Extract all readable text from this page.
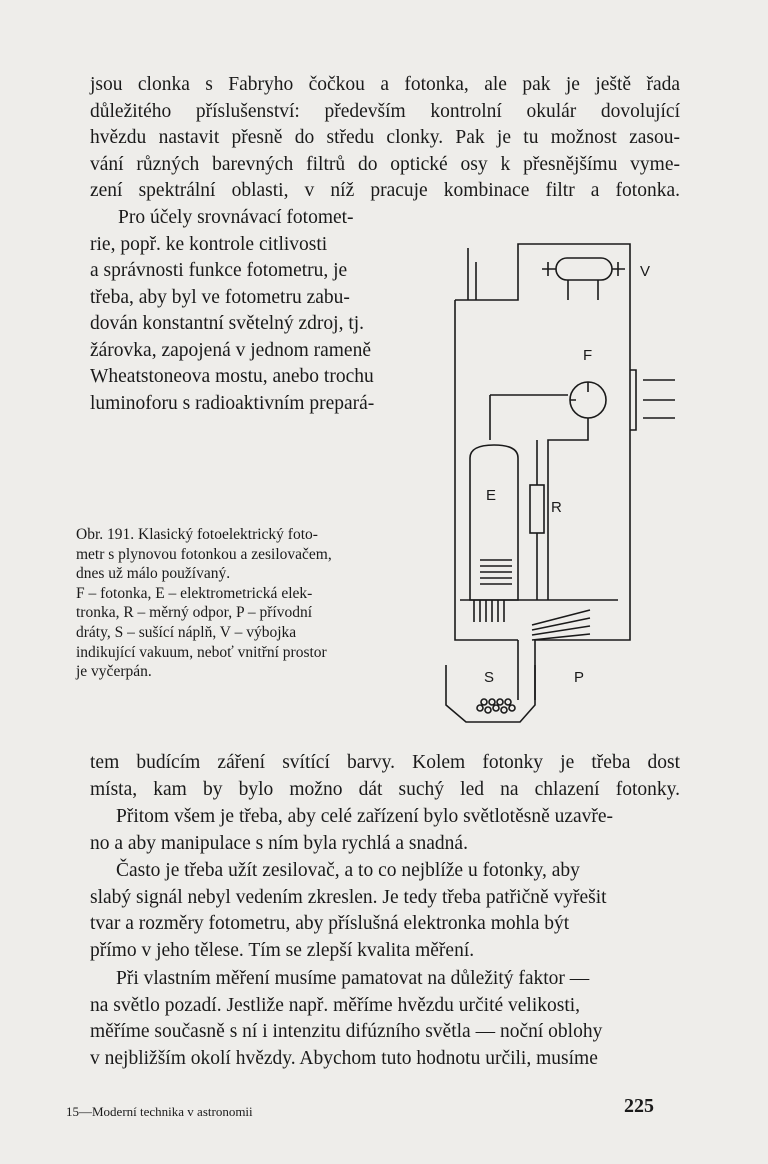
jsou clonka s Fabryho čočkou a fotonka, ale pak je ještě řada
důležitého příslušenství: především kontrolní okulár dovolující
hvězdu nastavit přesně do středu clonky. Pak je tu možnost zasou-
vání různých barevných filtrů do optické osy k přesnějšímu vyme-
zení spektrální oblasti, v níž pracuje kombinace filtr a fotonka.

Pro účely srovnávací fotomet-
rie, popř. ke kontrole citlivosti
a správnosti funkce fotometru, je
třeba, aby byl ve fotometru zabu-
dován konstantní světelný zdroj, tj.
žárovka, zapojená v jednom rameně
Wheatstoneova mostu, anebo trochu
luminoforu s radioaktivním prepará-

Obr. 191. Klasický fotoelektrický foto-
metr s plynovou fotonkou a zesilovačem,
dnes už málo používaný.
F – fotonka, E – elektrometrická elek-
tronka, R – měrný odpor, P – přívodní
dráty, S – sušící náplň, V – výbojka
indikující vakuum, neboť vnitřní prostor
je vyčerpán.

V
F
E
R
S	P

tem budícím záření svítící barvy. Kolem fotonky je třeba dost
místa, kam by bylo možno dát suchý led na chlazení fotonky.

Přitom všem je třeba, aby celé zařízení bylo světlotěsně uzavře-
no a aby manipulace s ním byla rychlá a snadná.

Často je třeba užít zesilovač, a to co nejblíže u fotonky, aby
slabý signál nebyl vedením zkreslen. Je tedy třeba patřičně vyřešit
tvar a rozměry fotometru, aby příslušná elektronka mohla být
přímo v jeho tělese. Tím se zlepší kvalita měření.

Při vlastním měření musíme pamatovat na důležitý faktor —
na světlo pozadí. Jestliže např. měříme hvězdu určité velikosti,
měříme současně s ní i intenzitu difúzního světla — noční oblohy
v nejbližším okolí hvězdy. Abychom tuto hodnotu určili, musíme

15—Moderní technika v astronomii	225
